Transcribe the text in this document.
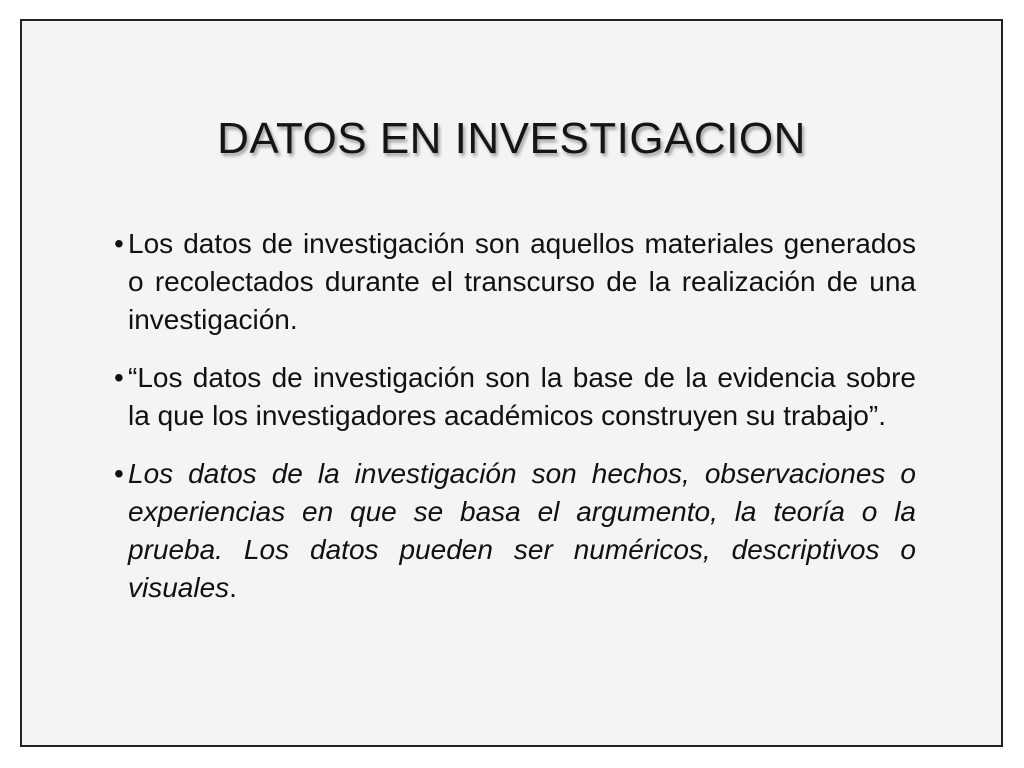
DATOS EN INVESTIGACION
• Los datos de investigación son aquellos materiales generados o recolectados durante el transcurso de la realización de una investigación.
• “Los datos de investigación son la base de la evidencia sobre la que los investigadores académicos construyen su trabajo”.
• Los datos de la investigación son hechos, observaciones o experiencias en que se basa el argumento, la teoría o la prueba. Los datos pueden ser numéricos, descriptivos o visuales.
